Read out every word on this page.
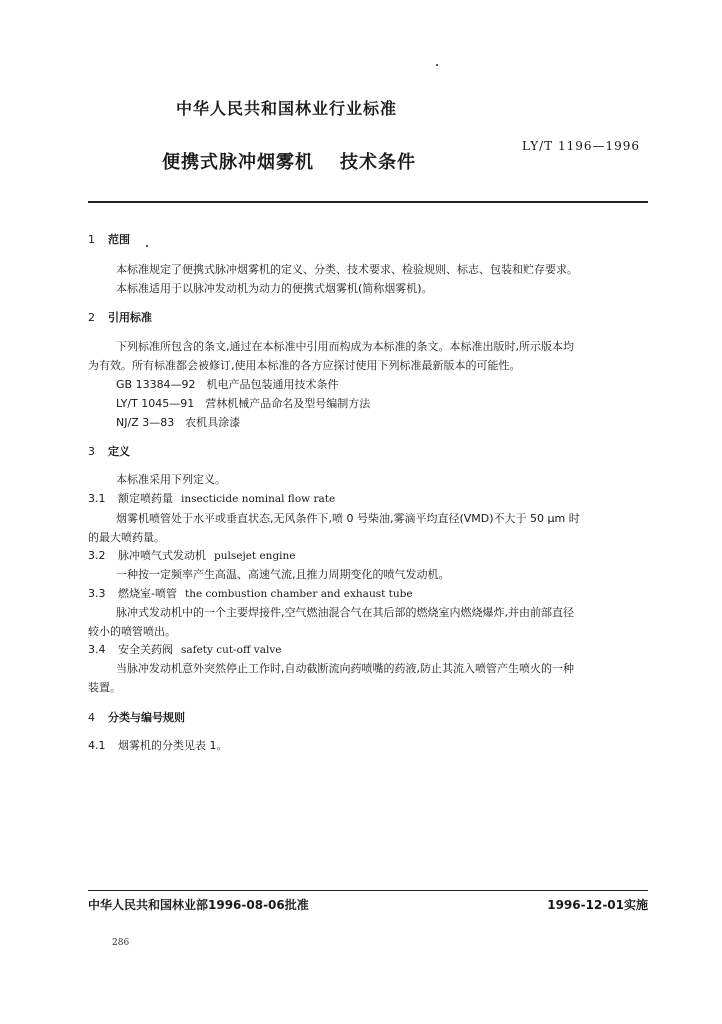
中华人民共和国林业行业标准
便携式脉冲烟雾机 技术条件
LY/T 1196—1996
1 范围
本标准规定了便携式脉冲烟雾机的定义、分类、技术要求、检验规则、标志、包装和贮存要求。
本标准适用于以脉冲发动机为动力的便携式烟雾机(简称烟雾机)。
2 引用标准
下列标准所包含的条文,通过在本标准中引用而构成为本标准的条文。本标准出版时,所示版本均
为有效。所有标准都会被修订,使用本标准的各方应探讨使用下列标准最新版本的可能性。
GB 13384—92　机电产品包装通用技术条件
LY/T 1045—91　营林机械产品命名及型号编制方法
NJ/Z 3—83　农机具涂漆
3 定义
本标准采用下列定义。
3.1 额定喷药量 insecticide nominal flow rate
烟雾机喷管处于水平或垂直状态,无风条件下,喷 0 号柴油,雾滴平均直径(VMD)不大于 50 μm 时
的最大喷药量。
3.2 脉冲喷气式发动机 pulsejet engine
一种按一定频率产生高温、高速气流,且推力周期变化的喷气发动机。
3.3 燃烧室-喷管 the combustion chamber and exhaust tube
脉冲式发动机中的一个主要焊接件,空气燃油混合气在其后部的燃烧室内燃烧爆炸,并由前部直径
较小的喷管喷出。
3.4 安全关药阀 safety cut-off valve
当脉冲发动机意外突然停止工作时,自动截断流向药喷嘴的药液,防止其流入喷管产生喷火的一种
装置。
4 分类与编号规则
4.1 烟雾机的分类见表 1。
中华人民共和国林业部1996-08-06批准	1996-12-01实施
286
